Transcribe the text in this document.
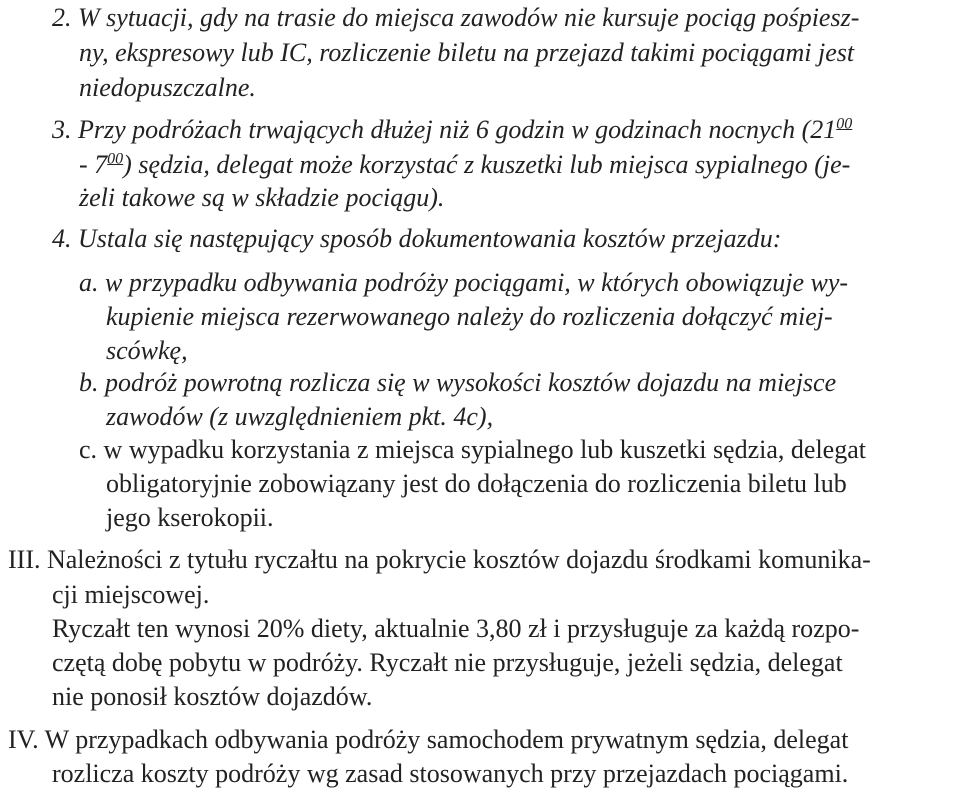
2. W sytuacji, gdy na trasie do miejsca zawodów nie kursuje pociąg pośpiesz-
ny, ekspresowy lub IC, rozliczenie biletu na przejazd takimi pociągami jest
niedopuszczalne.
3. Przy podróżach trwających dłużej niż 6 godzin w godzinach nocnych ($21^{00}$
- $7^{00}$) sędzia, delegat może korzystać z kuszetki lub miejsca sypialnego (je-
żeli takowe są w składzie pociągu).
4. Ustala się następujący sposób dokumentowania kosztów przejazdu:
a. w przypadku odbywania podróży pociągami, w których obowiązuje wy-
kupienie miejsca rezerwowanego należy do rozliczenia dołączyć miej-
scówkę,
b. podróż powrotną rozlicza się w wysokości kosztów dojazdu na miejsce
zawodów (z uwzględnieniem pkt. 4c),
c. w wypadku korzystania z miejsca sypialnego lub kuszetki sędzia, delegat
obligatoryjnie zobowiązany jest do dołączenia do rozliczenia biletu lub
jego kserokopii.
III. Należności z tytułu ryczałtu na pokrycie kosztów dojazdu środkami komunika-
cji miejscowej.
Ryczałt ten wynosi 20% diety, aktualnie 3,80 zł i przysługuje za każdą rozpo-
czętą dobę pobytu w podróży. Ryczałt nie przysługuje, jeżeli sędzia, delegat
nie ponosił kosztów dojazdów.
IV. W przypadkach odbywania podróży samochodem prywatnym sędzia, delegat
rozlicza koszty podróży wg zasad stosowanych przy przejazdach pociągami.
